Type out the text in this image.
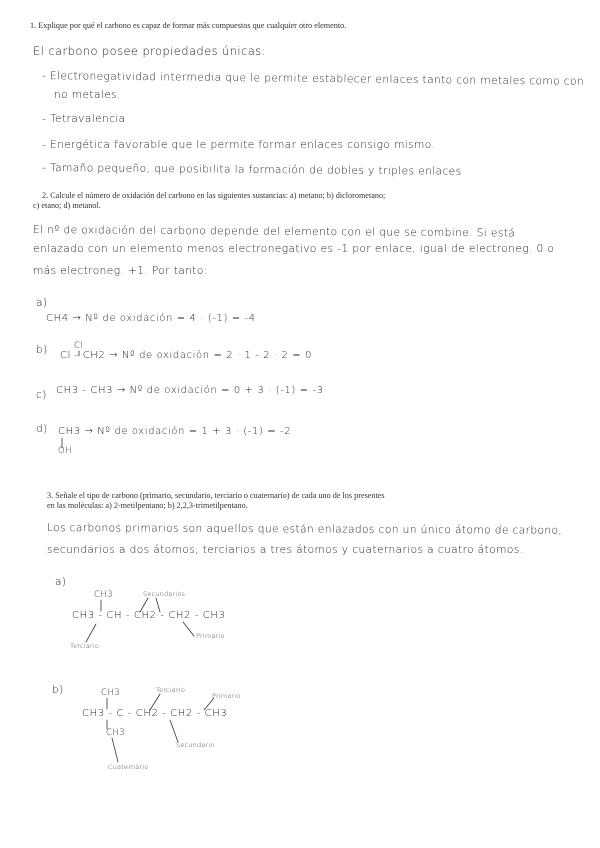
1. Explique por qué el carbono es capaz de formar más compuestos que cualquier otro elemento.
El carbono posee propiedades únicas:
- Electronegatividad intermedia que le permite establecer enlaces tanto con metales como con
no metales.
- Tetravalencia
- Energética favorable que le permite formar enlaces consigo mismo.
- Tamaño pequeño, que posibilita la formación de dobles y triples enlaces
2. Calcule el número de oxidación del carbono en las siguientes sustancias: a) metano; b) diclorometano;
c) etano; d) metanol.
El nº de oxidación del carbono depende del elemento con el que se combine. Si está
enlazado con un elemento menos electronegativo es -1 por enlace, igual de electroneg. 0 o
más electroneg. +1. Por tanto:
a)
CH4 → Nº de oxidación = 4 · (-1) = -4
b)	Cl
Cl - CH2 → Nº de oxidación = 2 · 1 - 2 · 2 = 0
c) CH3 - CH3 → Nº de oxidación = 0 + 3 · (-1) = -3
d) CH3 → Nº de oxidación = 1 + 3 · (-1) = -2
OH
3. Señale el tipo de carbono (primario, secundario, terciario o cuaternario) de cada uno de los presentes
en las moléculas: a) 2-metilpentano; b) 2,2,3-trimetilpentano.
Los carbonos primarios son aquellos que están enlazados con un único átomo de carbono,
secundarios a dos átomos, terciarios a tres átomos y cuaternarios a cuatro átomos.
a)
CH3
CH3 - CH - CH2 - CH2 - CH3
Secundarios
Primario
Terciario
b)	CH3
CH3 - C - CH2 - CH2 - CH3
CH3
Terciario
Primario
Secundario
Cuaternario
